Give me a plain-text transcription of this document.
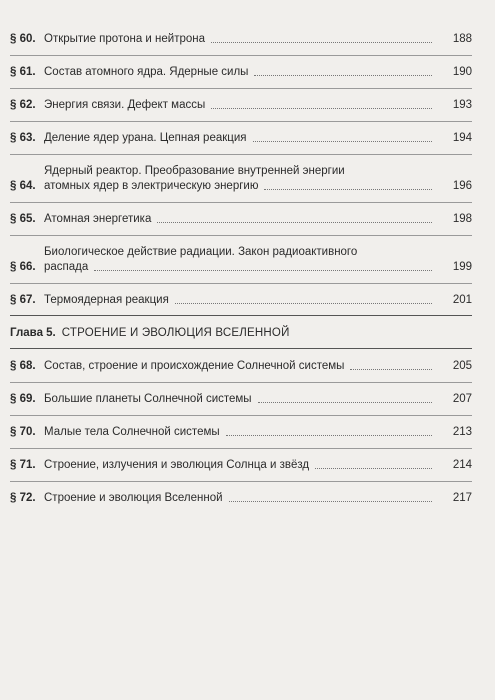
§ 60. Открытие протона и нейтрона	188
§ 61. Состав атомного ядра. Ядерные силы	190
§ 62. Энергия связи. Дефект массы	193
§ 63. Деление ядер урана. Цепная реакция	194
§ 64.
Ядерный реактор. Преобразование внутренней энергии
атомных ядер в электрическую энергию	196
§ 65. Атомная энергетика	198
§ 66.
Биологическое действие радиации. Закон радиоактивного
распада	199
§ 67. Термоядерная реакция	201
Глава 5. СТРОЕНИЕ И ЭВОЛЮЦИЯ ВСЕЛЕННОЙ
§ 68. Состав, строение и происхождение Солнечной системы	205
§ 69. Большие планеты Солнечной системы	207
§ 70. Малые тела Солнечной системы	213
§ 71. Строение, излучения и эволюция Солнца и звёзд	214
§ 72. Строение и эволюция Вселенной	217
